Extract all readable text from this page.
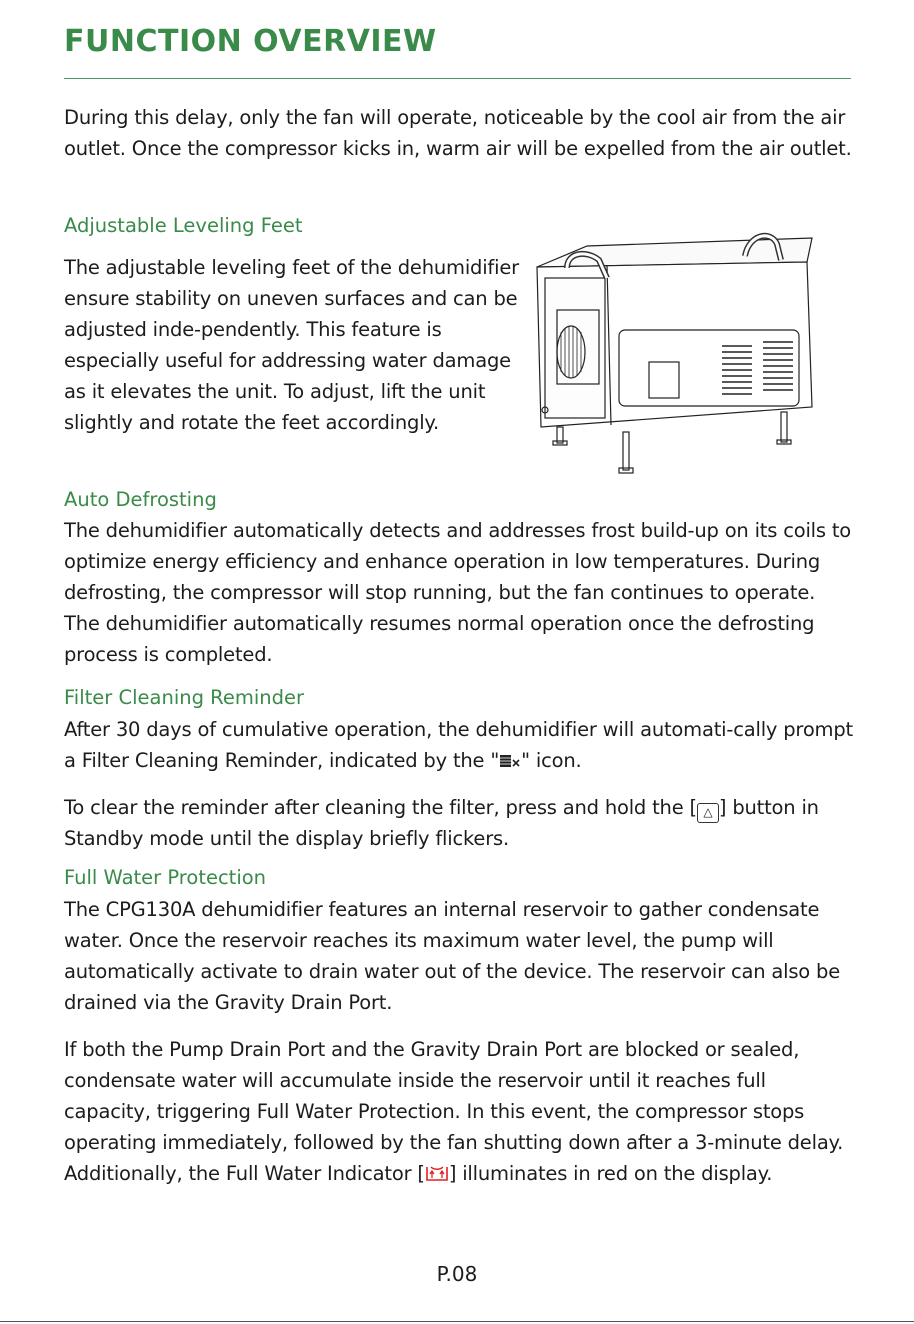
FUNCTION OVERVIEW

During this delay, only the fan will operate, noticeable by the cool air from the air outlet. Once the compressor kicks in, warm air will be expelled from the air outlet.

Adjustable Leveling Feet

The adjustable leveling feet of the dehumidifier ensure stability on uneven surfaces and can be adjusted inde-pendently. This feature is especially useful for addressing water damage as it elevates the unit. To adjust, lift the unit slightly and rotate the feet accordingly.

Auto Defrosting

The dehumidifier automatically detects and addresses frost build-up on its coils to optimize energy efficiency and enhance operation in low temperatures. During defrosting, the compressor will stop running, but the fan continues to operate. The dehumidifier automatically resumes normal operation once the defrosting process is completed.

Filter Cleaning Reminder

After 30 days of cumulative operation, the dehumidifier will automati-cally prompt a Filter Cleaning Reminder, indicated by the " " icon.

To clear the reminder after cleaning the filter, press and hold the [ △ ] button in Standby mode until the display briefly flickers.

Full Water Protection

The CPG130A dehumidifier features an internal reservoir to gather condensate water. Once the reservoir reaches its maximum water level, the pump will automatically activate to drain water out of the device. The reservoir can also be drained via the Gravity Drain Port.

If both the Pump Drain Port and the Gravity Drain Port are blocked or sealed, condensate water will accumulate inside the reservoir until it reaches full capacity, triggering Full Water Protection. In this event, the compressor stops operating immediately, followed by the fan shutting down after a 3-minute delay. Additionally, the Full Water Indicator [ ] illuminates in red on the display.

P.08
